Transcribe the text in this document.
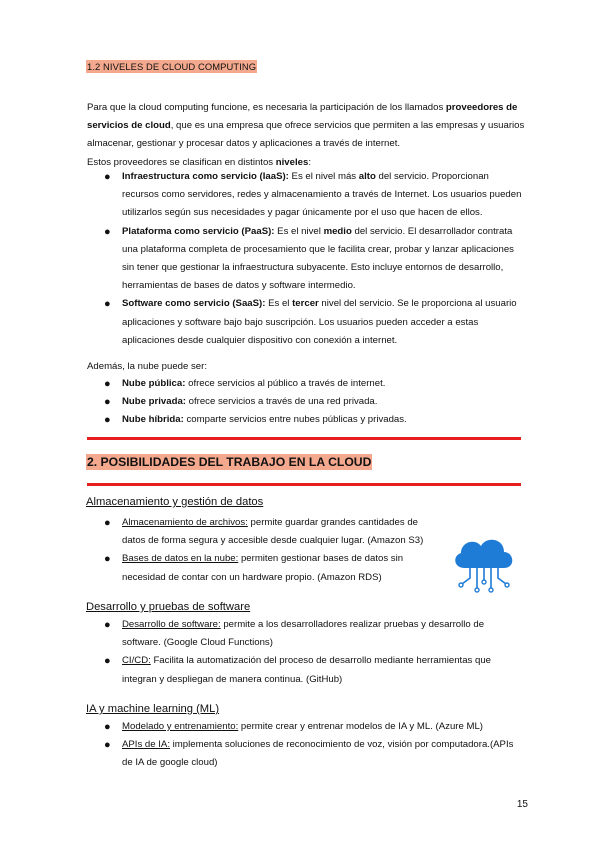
1.2 NIVELES DE CLOUD COMPUTING
Para que la cloud computing funcione, es necesaria la participación de los llamados proveedores de servicios de cloud, que es una empresa que ofrece servicios que permiten a las empresas y usuarios almacenar, gestionar y procesar datos y aplicaciones a través de internet.
Estos proveedores se clasifican en distintos niveles:
● Infraestructura como servicio (IaaS): Es el nivel más alto del servicio. Proporcionan recursos como servidores, redes y almacenamiento a través de Internet. Los usuarios pueden utilizarlos según sus necesidades y pagar únicamente por el uso que hacen de ellos.
● Plataforma como servicio (PaaS): Es el nivel medio del servicio. El desarrollador contrata una plataforma completa de procesamiento que le facilita crear, probar y lanzar aplicaciones sin tener que gestionar la infraestructura subyacente. Esto incluye entornos de desarrollo, herramientas de bases de datos y software intermedio.
● Software como servicio (SaaS): Es el tercer nivel del servicio. Se le proporciona al usuario aplicaciones y software bajo bajo suscripción. Los usuarios pueden acceder a estas aplicaciones desde cualquier dispositivo con conexión a internet.
Además, la nube puede ser:
● Nube pública: ofrece servicios al público a través de internet.
● Nube privada: ofrece servicios a través de una red privada.
● Nube híbrida: comparte servicios entre nubes públicas y privadas.
2. POSIBILIDADES DEL TRABAJO EN LA CLOUD
Almacenamiento y gestión de datos
● Almacenamiento de archivos: permite guardar grandes cantidades de datos de forma segura y accesible desde cualquier lugar. (Amazon S3)
● Bases de datos en la nube: permiten gestionar bases de datos sin necesidad de contar con un hardware propio. (Amazon RDS)
Desarrollo y pruebas de software
● Desarrollo de software: permite a los desarrolladores realizar pruebas y desarrollo de software. (Google Cloud Functions)
● CI/CD: Facilita la automatización del proceso de desarrollo mediante herramientas que integran y despliegan de manera continua. (GitHub)
IA y machine learning (ML)
● Modelado y entrenamiento: permite crear y entrenar modelos de IA y ML. (Azure ML)
● APIs de IA: implementa soluciones de reconocimiento de voz, visión por computadora.(APIs de IA de google cloud)
15
